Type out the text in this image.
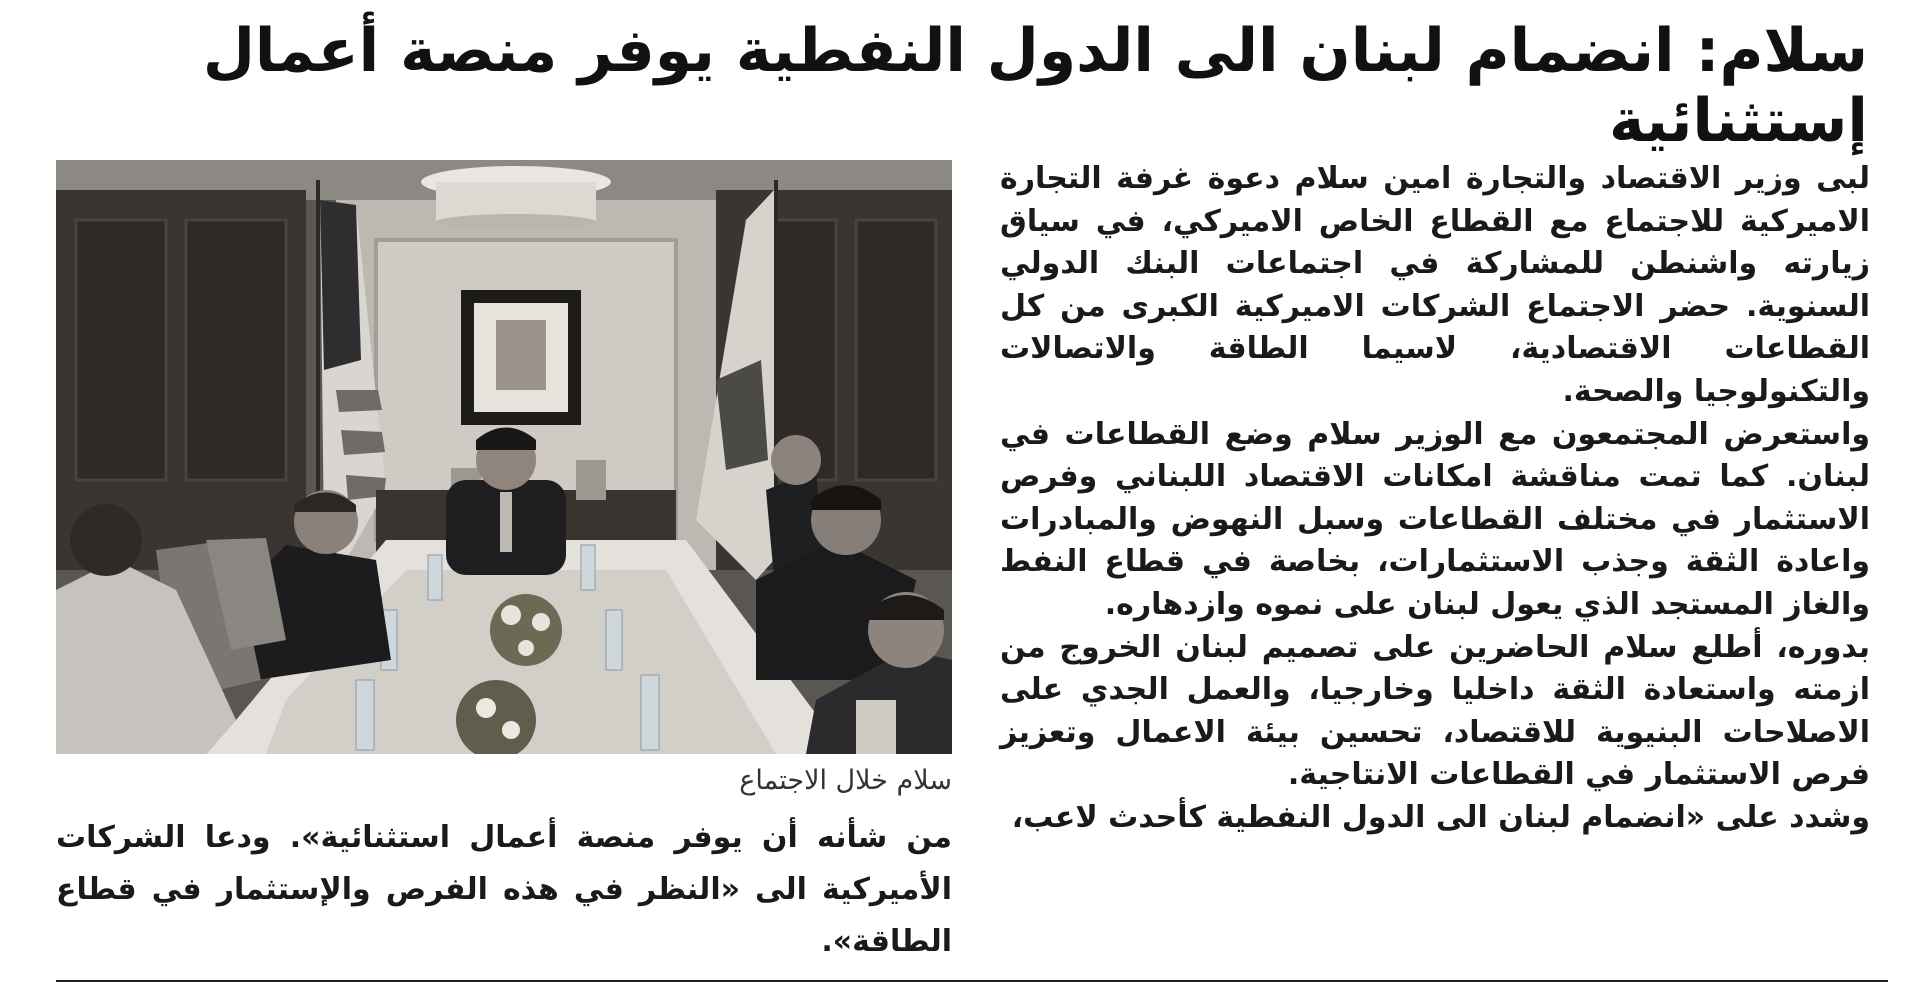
سلام: انضمام لبنان الى الدول النفطية يوفر منصة أعمال إستثنائية
سلام خلال الاجتماع

من شأنه أن يوفر منصة أعمال استثنائية». ودعا الشركات الأميركية الى «النظر في هذه الفرص والإستثمار في قطاع الطاقة».

لبى وزير الاقتصاد والتجارة امين سلام دعوة غرفة التجارة الاميركية للاجتماع مع القطاع الخاص الاميركي، في سياق زيارته واشنطن للمشاركة في اجتماعات البنك الدولي السنوية. حضر الاجتماع الشركات الاميركية الكبرى من كل القطاعات الاقتصادية، لاسيما الطاقة والاتصالات والتكنولوجيا والصحة.

واستعرض المجتمعون مع الوزير سلام وضع القطاعات في لبنان. كما تمت مناقشة امكانات الاقتصاد اللبناني وفرص الاستثمار في مختلف القطاعات وسبل النهوض والمبادرات واعادة الثقة وجذب الاستثمارات، بخاصة في قطاع النفط والغاز المستجد الذي يعول لبنان على نموه وازدهاره.

بدوره، أطلع سلام الحاضرين على تصميم لبنان الخروج من ازمته واستعادة الثقة داخليا وخارجيا، والعمل الجدي على الاصلاحات البنيوية للاقتصاد، تحسين بيئة الاعمال وتعزيز فرص الاستثمار في القطاعات الانتاجية.

وشدد على «انضمام لبنان الى الدول النفطية كأحدث لاعب،
